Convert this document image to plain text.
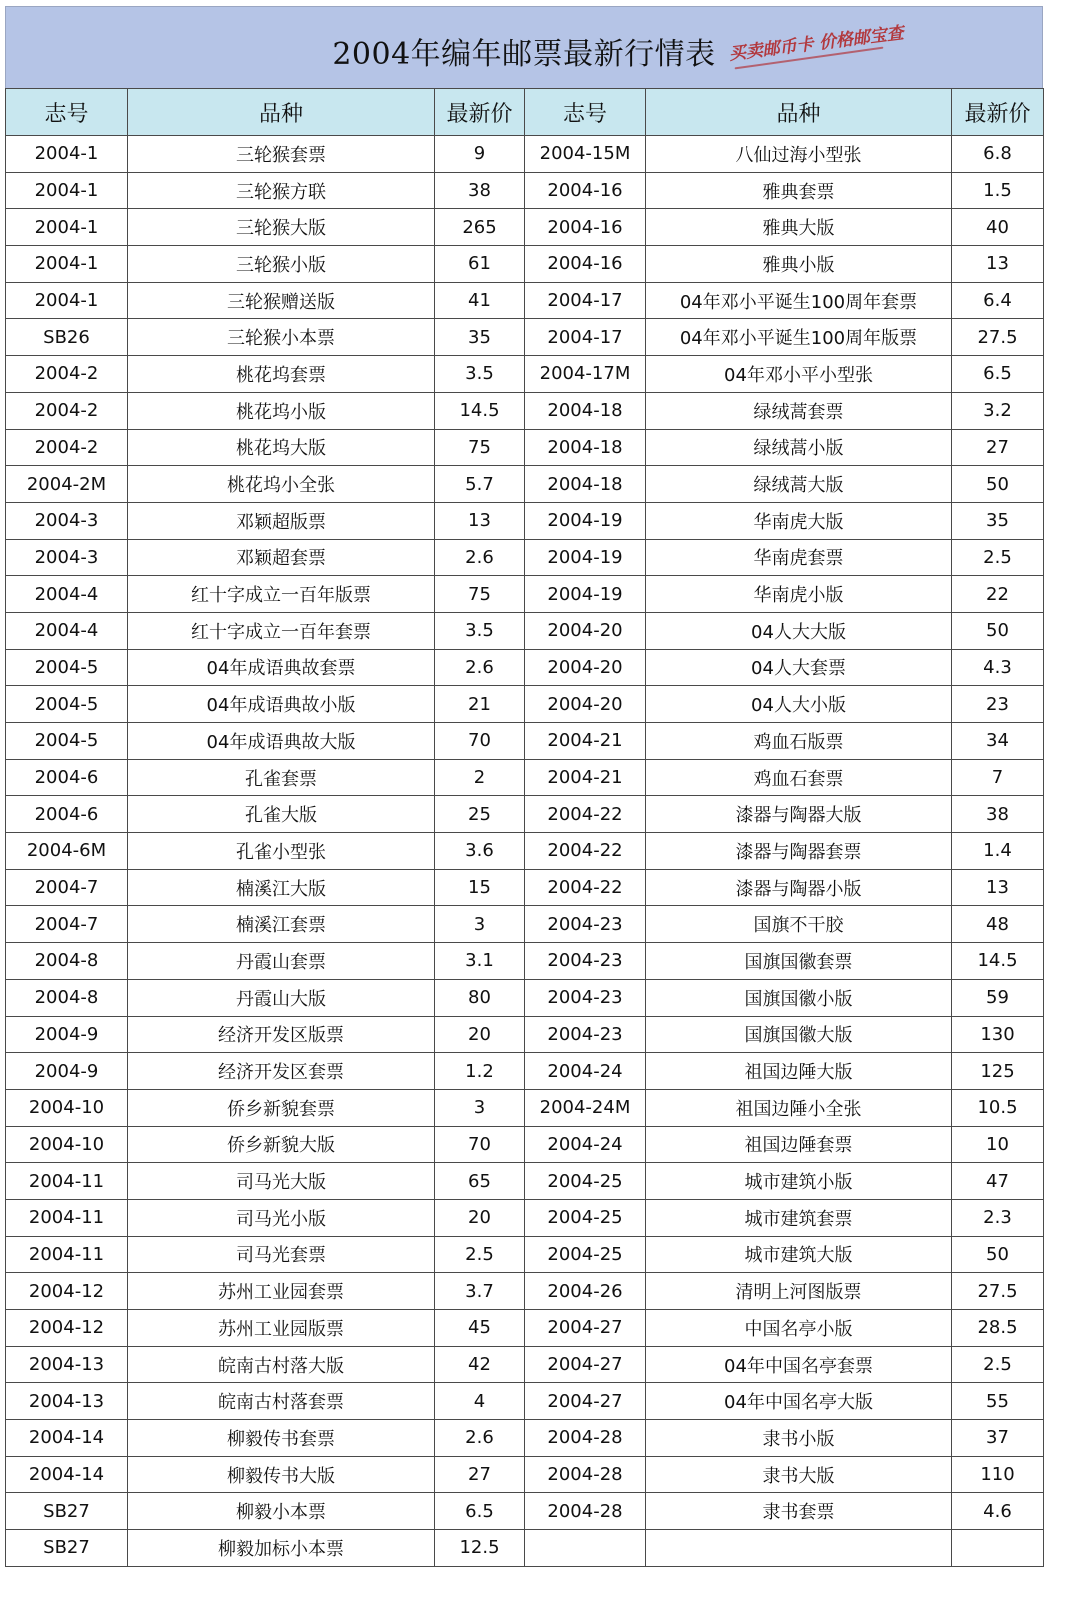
2004年编年邮票最新行情表 买卖邮币卡 价格邮宝查
志号	品种	最新价	志号	品种	最新价
2004-1	三轮猴套票	9	2004-15M	八仙过海小型张	6.8
2004-1	三轮猴方联	38	2004-16	雅典套票	1.5
2004-1	三轮猴大版	265	2004-16	雅典大版	40
2004-1	三轮猴小版	61	2004-16	雅典小版	13
2004-1	三轮猴赠送版	41	2004-17	04年邓小平诞生100周年套票	6.4
SB26	三轮猴小本票	35	2004-17	04年邓小平诞生100周年版票	27.5
2004-2	桃花坞套票	3.5	2004-17M	04年邓小平小型张	6.5
2004-2	桃花坞小版	14.5	2004-18	绿绒蒿套票	3.2
2004-2	桃花坞大版	75	2004-18	绿绒蒿小版	27
2004-2M	桃花坞小全张	5.7	2004-18	绿绒蒿大版	50
2004-3	邓颖超版票	13	2004-19	华南虎大版	35
2004-3	邓颖超套票	2.6	2004-19	华南虎套票	2.5
2004-4	红十字成立一百年版票	75	2004-19	华南虎小版	22
2004-4	红十字成立一百年套票	3.5	2004-20	04人大大版	50
2004-5	04年成语典故套票	2.6	2004-20	04人大套票	4.3
2004-5	04年成语典故小版	21	2004-20	04人大小版	23
2004-5	04年成语典故大版	70	2004-21	鸡血石版票	34
2004-6	孔雀套票	2	2004-21	鸡血石套票	7
2004-6	孔雀大版	25	2004-22	漆器与陶器大版	38
2004-6M	孔雀小型张	3.6	2004-22	漆器与陶器套票	1.4
2004-7	楠溪江大版	15	2004-22	漆器与陶器小版	13
2004-7	楠溪江套票	3	2004-23	国旗不干胶	48
2004-8	丹霞山套票	3.1	2004-23	国旗国徽套票	14.5
2004-8	丹霞山大版	80	2004-23	国旗国徽小版	59
2004-9	经济开发区版票	20	2004-23	国旗国徽大版	130
2004-9	经济开发区套票	1.2	2004-24	祖国边陲大版	125
2004-10	侨乡新貌套票	3	2004-24M	祖国边陲小全张	10.5
2004-10	侨乡新貌大版	70	2004-24	祖国边陲套票	10
2004-11	司马光大版	65	2004-25	城市建筑小版	47
2004-11	司马光小版	20	2004-25	城市建筑套票	2.3
2004-11	司马光套票	2.5	2004-25	城市建筑大版	50
2004-12	苏州工业园套票	3.7	2004-26	清明上河图版票	27.5
2004-12	苏州工业园版票	45	2004-27	中国名亭小版	28.5
2004-13	皖南古村落大版	42	2004-27	04年中国名亭套票	2.5
2004-13	皖南古村落套票	4	2004-27	04年中国名亭大版	55
2004-14	柳毅传书套票	2.6	2004-28	隶书小版	37
2004-14	柳毅传书大版	27	2004-28	隶书大版	110
SB27	柳毅小本票	6.5	2004-28	隶书套票	4.6
SB27	柳毅加标小本票	12.5			
